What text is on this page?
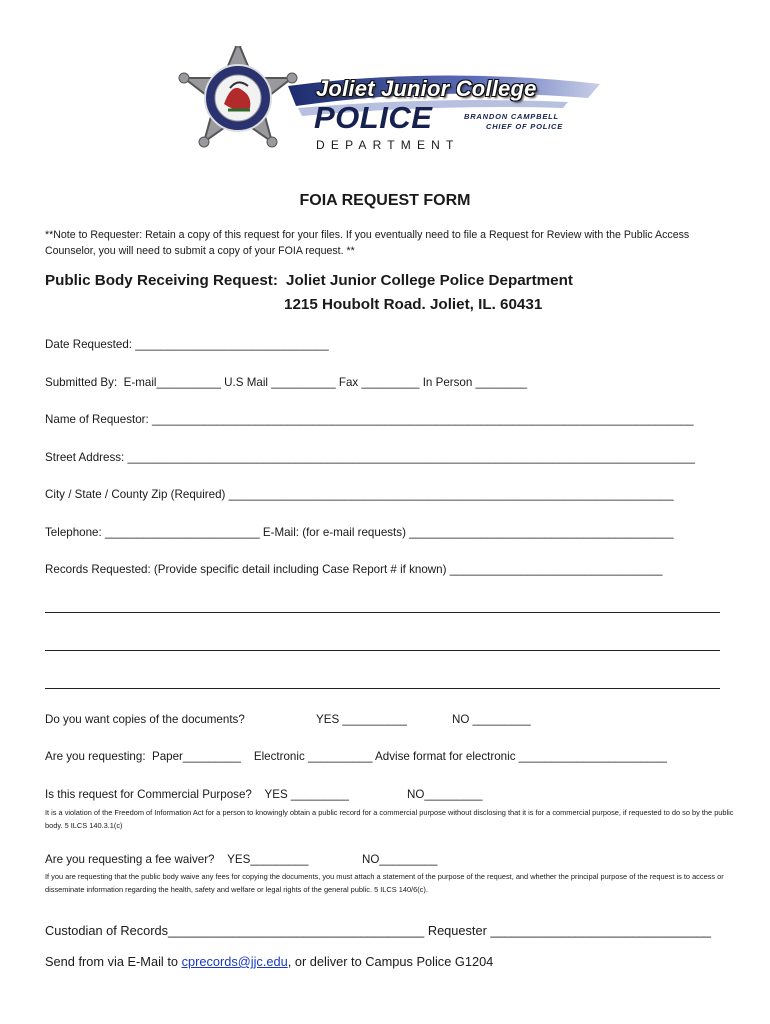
Joliet Junior College
POLICE	BRANDON CAMPBELL
CHIEF OF POLICE
DEPARTMENT
FOIA REQUEST FORM
**Note to Requester: Retain a copy of this request for your files. If you eventually need to file a Request for Review with the Public Access Counselor, you will need to submit a copy of your FOIA request. **
Public Body Receiving Request: Joliet Junior College Police Department
1215 Houbolt Road. Joliet, IL. 60431
Date Requested: ______________________________
Submitted By:  E-mail__________ U.S Mail __________ Fax _________ In Person ________
Name of Requestor: ____________________________________________________________________________________
Street Address: ________________________________________________________________________________________
City / State / County Zip (Required) _____________________________________________________________________
Telephone: ________________________ E-Mail: (for e-mail requests) _________________________________________
Records Requested: (Provide specific detail including Case Report # if known) _________________________________
Do you want copies of the documents?	YES __________	NO _________
Are you requesting:  Paper_________    Electronic __________ Advise format for electronic _______________________
Is this request for Commercial Purpose?    YES _________	NO_________
It is a violation of the Freedom of Information Act for a person to knowingly obtain a public record for a commercial purpose without disclosing that it is for a commercial purpose, if requested to do so by the public body. 5 ILCS 140.3.1(c)
Are you requesting a fee waiver?    YES_________	NO_________
If you are requesting that the public body waive any fees for copying the documents, you must attach a statement of the purpose of the request, and whether the principal purpose of the request is to access or disseminate information regarding the health, safety and welfare or legal rights of the general public. 5 ILCS 140/6(c).
Custodian of Records____________________________________ Requester _______________________________
Send from via E-Mail to cprecords@jjc.edu, or deliver to Campus Police G1204
